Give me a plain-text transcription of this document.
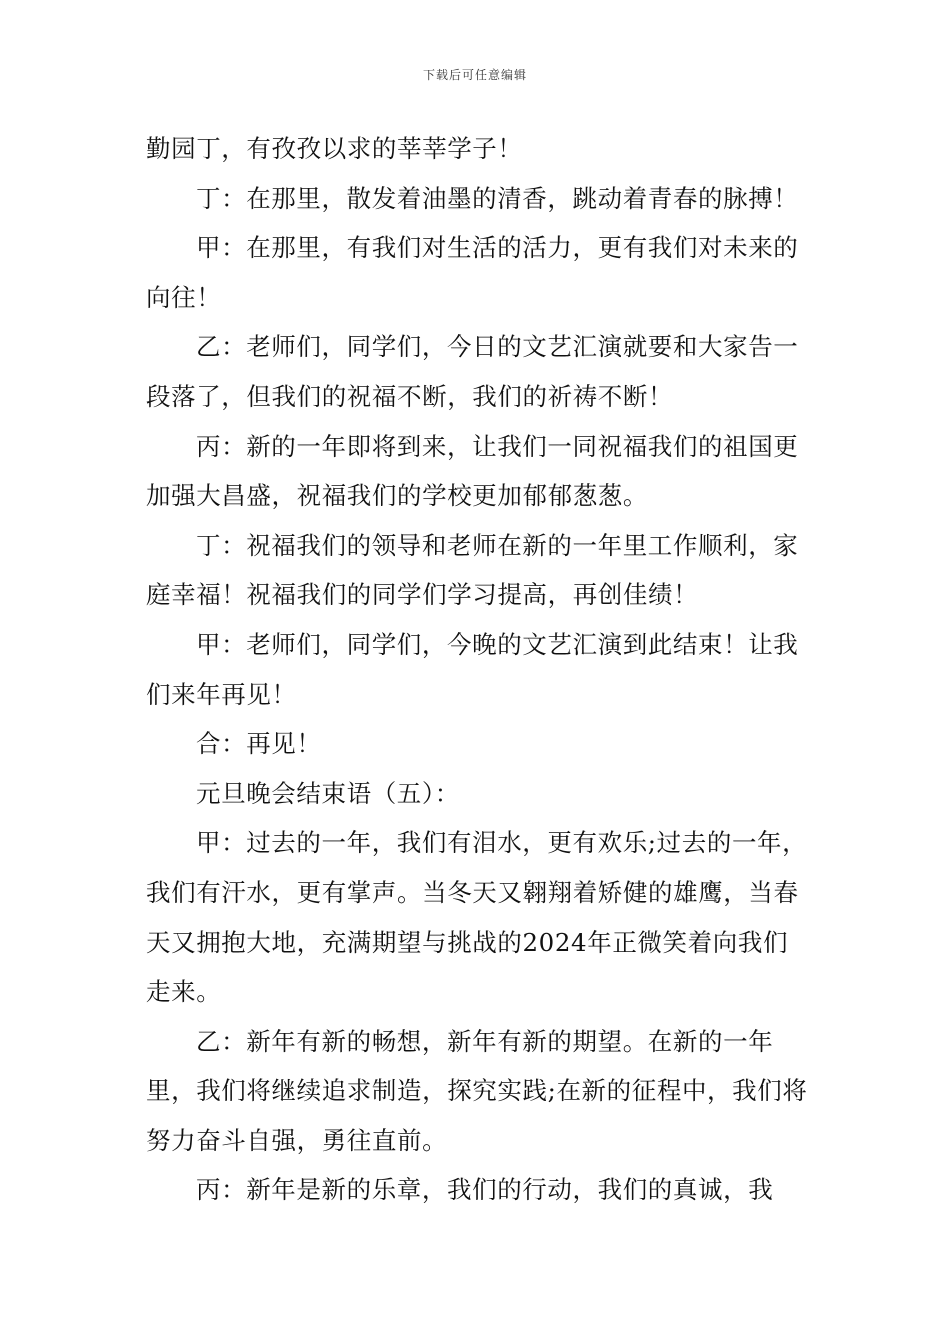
下载后可任意编辑

勤园丁，有孜孜以求的莘莘学子！

丁：在那里，散发着油墨的清香，跳动着青春的脉搏！

甲：在那里，有我们对生活的活力，更有我们对未来的向往！

乙：老师们，同学们，今日的文艺汇演就要和大家告一段落了，但我们的祝福不断，我们的祈祷不断！

丙：新的一年即将到来，让我们一同祝福我们的祖国更加强大昌盛，祝福我们的学校更加郁郁葱葱。

丁：祝福我们的领导和老师在新的一年里工作顺利，家庭幸福！祝福我们的同学们学习提高，再创佳绩！

甲：老师们，同学们，今晚的文艺汇演到此结束！让我们来年再见！

合：再见！

元旦晚会结束语（五）：

甲：过去的一年，我们有泪水，更有欢乐;过去的一年，我们有汗水，更有掌声。当冬天又翱翔着矫健的雄鹰，当春天又拥抱大地，充满期望与挑战的2024年正微笑着向我们走来。

乙：新年有新的畅想，新年有新的期望。在新的一年里，我们将继续追求制造，探究实践;在新的征程中，我们将努力奋斗自强，勇往直前。

丙：新年是新的乐章，我们的行动，我们的真诚，我
